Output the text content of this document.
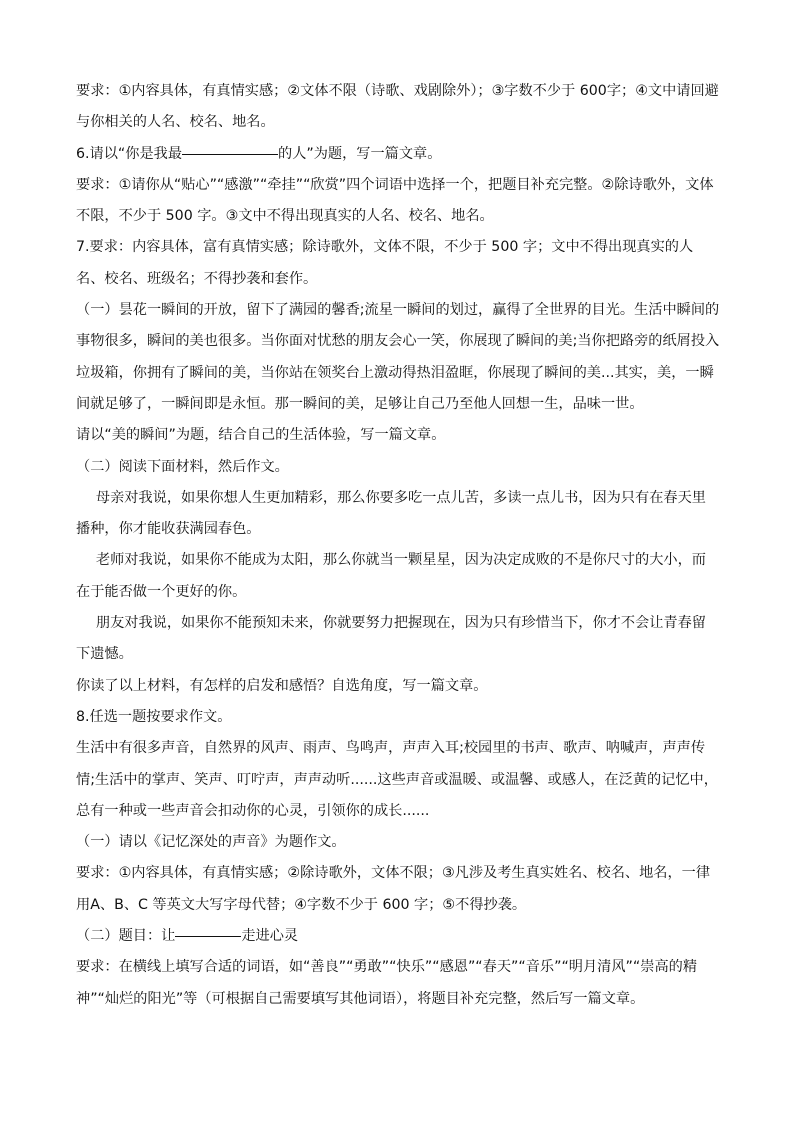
要求：①内容具体，有真情实感；②文体不限（诗歌、戏剧除外）；③字数不少于 600字；④文中请回避与你相关的人名、校名、地名。

6.请以“你是我最	的人”为题，写一篇文章。

要求：①请你从“贴心”“感激”“牵挂”“欣赏”四个词语中选择一个，把题目补充完整。②除诗歌外，文体不限，不少于 500 字。③文中不得出现真实的人名、校名、地名。

7.要求：内容具体，富有真情实感；除诗歌外，文体不限，不少于 500 字；文中不得出现真实的人名、校名、班级名；不得抄袭和套作。

（一）昙花一瞬间的开放，留下了满园的馨香;流星一瞬间的划过，赢得了全世界的目光。生活中瞬间的事物很多，瞬间的美也很多。当你面对忧愁的朋友会心一笑，你展现了瞬间的美;当你把路旁的纸屑投入垃圾箱，你拥有了瞬间的美，当你站在领奖台上激动得热泪盈眶，你展现了瞬间的美...其实，美，一瞬间就足够了，一瞬间即是永恒。那一瞬间的美，足够让自己乃至他人回想一生，品味一世。

请以“美的瞬间”为题，结合自己的生活体验，写一篇文章。

（二）阅读下面材料，然后作文。

母亲对我说，如果你想人生更加精彩，那么你要多吃一点儿苦，多读一点儿书，因为只有在春天里播种，你才能收获满园春色。

老师对我说，如果你不能成为太阳，那么你就当一颗星星，因为决定成败的不是你尺寸的大小，而在于能否做一个更好的你。

朋友对我说，如果你不能预知未来，你就要努力把握现在，因为只有珍惜当下，你才不会让青春留下遗憾。

你读了以上材料，有怎样的启发和感悟？自选角度，写一篇文章。

8.任选一题按要求作文。

生活中有很多声音，自然界的风声、雨声、鸟鸣声，声声入耳;校园里的书声、歌声、呐喊声，声声传情;生活中的掌声、笑声、叮咛声，声声动听......这些声音或温暖、或温馨、或感人，在泛黄的记忆中，总有一种或一些声音会扣动你的心灵，引领你的成长......

（一）请以《记忆深处的声音》为题作文。

要求：①内容具体，有真情实感；②除诗歌外，文体不限；③凡涉及考生真实姓名、校名、地名，一律用A、B、C 等英文大写字母代替；④字数不少于 600 字；⑤不得抄袭。

（二）题目：让	走进心灵

要求：在横线上填写合适的词语，如“善良”“勇敢”“快乐”“感恩”“春天”“音乐”“明月清风”“崇高的精神”“灿烂的阳光”等（可根据自己需要填写其他词语），将题目补充完整，然后写一篇文章。
